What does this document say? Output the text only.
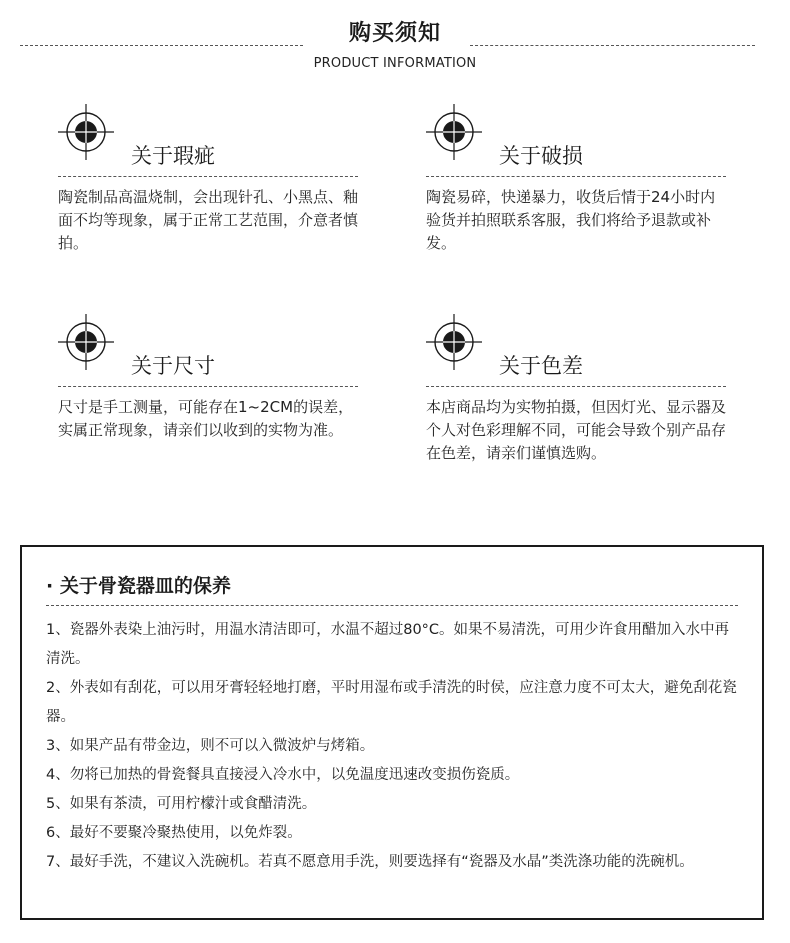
购买须知
PRODUCT INFORMATION
关于瑕疵
陶瓷制品高温烧制，会出现针孔、小黑点、釉面不均等现象，属于正常工艺范围，介意者慎拍。
关于破损
陶瓷易碎，快递暴力，收货后情于24小时内验货并拍照联系客服，我们将给予退款或补发。
关于尺寸
尺寸是手工测量，可能存在1~2CM的误差，实属正常现象，请亲们以收到的实物为准。
关于色差
本店商品均为实物拍摄，但因灯光、显示器及个人对色彩理解不同，可能会导致个别产品存在色差，请亲们谨慎选购。
· 关于骨瓷器皿的保养
1、瓷器外表染上油污时，用温水清洁即可，水温不超过80°C。如果不易清洗，可用少许食用醋加入水中再清洗。
2、外表如有刮花，可以用牙膏轻轻地打磨，平时用湿布或手清洗的时侯，应注意力度不可太大，避免刮花瓷器。
3、如果产品有带金边，则不可以入微波炉与烤箱。
4、勿将已加热的骨瓷餐具直接浸入冷水中，以免温度迅速改变损伤瓷质。
5、如果有茶渍，可用柠檬汁或食醋清洗。
6、最好不要聚冷聚热使用，以免炸裂。
7、最好手洗，不建议入洗碗机。若真不愿意用手洗，则要选择有“瓷器及水晶”类洗涤功能的洗碗机。
